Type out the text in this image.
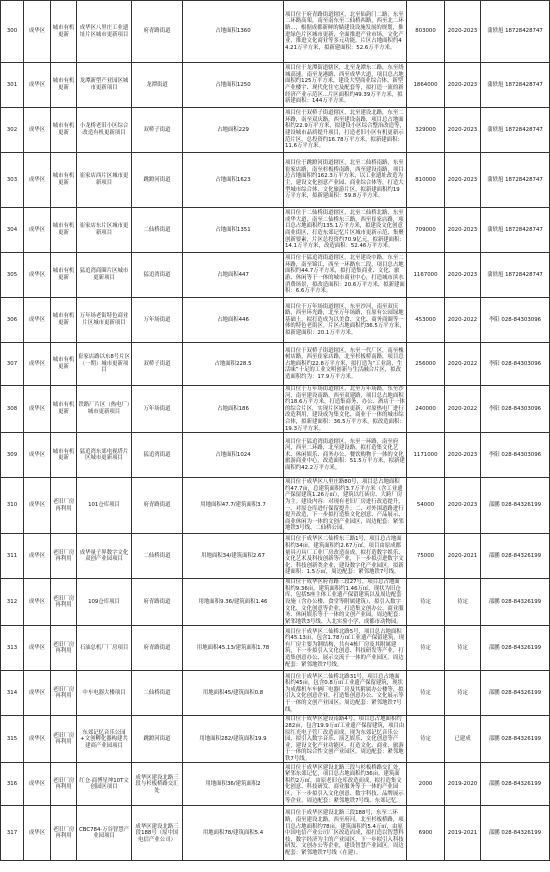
300	成华区	城市有机更新	成华区八里庄工业遗址片区城市更新项目	府青路街道	占地面积1360	项目位于府青路街道辖区，北至仙韵门二路，东至二环路高架，南至南东至二仙桥西路，西至北二环路...，根据成都新鲜的储建设设施发展的规划，推进绿色片区城市更新，全面推进产业市场，文化产业，推进文化商业等多元功能，片区占地面积约44.21万平方米，拟新建面积：52.6万平方米。	803000	2020-2023	蒲轶旭 18728428747
301	成华区	城市有机更新	龙潭新型产业园区城市更新项目	龙潭街道	占地面积1250	项目位于龙潭街道辖区，北至龙潭东二路，东至绕城高速，南至龙港路、西至成华大道，项目总占地面积约125万平方米，建设大型商业综合体、新型产业楼宇、现代化住宅及配套等，拟打造一流的新经济产业示范区...片区面积约49.39万平方米，拟新建面积：144万平方米。	1864000	2020-2023	蒲轶旭 18728428747
302	成华区	城市有机更新	小龙桥老旧小区综合改造有机更新项目	双桥子街道	占地面积229	项目位于双桥子街道辖区，北至建设北路，东至二环路，南至双庆路，西至建设南路，项目总占地面积约22.9万平方米，拟建设小区综合整治改造等，建设城市品质提升项目，打造老旧小区有机更新示范片区，总投资约16.78万平方米，拟新建面积：11.6万平方米。	329000	2020-2023	蒲轶旭 18728428747
303	成华区	城市有机更新	崔家店西片区城市更新项目	跳蹬河街道	占地面积1623	项目位于跳蹬河街道辖区，北至二仙桥南路，东至崔家店路，南至杉板桥南路，西至建设南路，项目总占地面积约162.3万平方米，以工业遗址改造为主，建设文化创意产业园、商业综合体等，打造大型城市综合体、文化旅游片区，拟新建面积约19万平方米，拟新建面积：59.8万平方米。	810000	2020-2023	蒲轶旭 18728428747
304	成华区	城市有机更新	崔家店东片区城市更新项目	二仙桥街道	占地面积1351	项目位于二仙桥街道辖区，北至二仙桥北路，东至成华大道，南至二仙桥东三路，西至崔家店路，项目总占地面积约135.1万平方米，拟建设文化创意商业街区，打造东郊记忆片区城市更新示范，集聚创新要素，片区总投资约70.9亿元，拟新建面积：14.1万平方米，改造面积：52.46万平方米。	709000	2020-2023	蒲轶旭 18728428747
305	成华区	城市有机更新	猛追湾商圈片区城市更新项目	猛追湾街道	占地面积447	项目位于猛追湾街道辖区，北至建设中路，东至二环路，南至锦江，西至一环路东二段，项目总占地面积约44.7万平方米，拟打造集商业、文化、旅游、休闲等于一体的城市商业中心，打造城市滨水消费场景，拟改造面积：20.6万平方米，拟新建面积：6.6万平方米。	1167000	2020-2023	蒲轶旭 18728428747
306	成华区	城市有机更新	万年场老街特色商业片区城市更新项目	万年场街道	占地面积446	项目位于万年场街道辖区，东至沙河，南至双庆路，西至环光路，北至万年场路，在原有公园绿地基础上，拟打造成为以美食、文化、商务商圈等一体的特色老街区。片区占地面积约36.5万平方米，拟新建面积：20.1万平方米。	453000	2020-2022	李阳 028-84303096
307	成华区	城市有机更新	崔家店路以东8号片区（一期）城市更新项目	双桥子街道	占地面积228.5	项目位于双桥子街道辖区，东至一代厂区，南至槐树店路，西至崔家店路，北至杉板桥南路，项目总占地面积约22.8万平方米，拟打造为“工业韵、生活味”十足的工业文明创新与生活融合片区，拟改造面积约为：17.9万平方米。	256000	2020-2022	李阳 028-84303096
308	成华区	城市有机更新	铁路厂片区（热电厂）城市更新项目	万年场街道	占地面积186	项目位于万年场街道辖区，北至万年场路，东至沙河，南至建设南路，西至双建路，项目总占地面积约18.6万平方米，打造集商务、办公、酒店于一体的综合片区，实现片区城市更新，对原热电厂进行改造利用，建设成为集文化、商业于一体的城市综合体，拟新建面积：36.5万平方米，拟改造面积：19.3万平方米。	240000	2020-2022	李阳 028-84303096
309	成华区	城市有机更新	猛追湾东郊电视塔片区城市更新项目	猛追湾街道	占地面积1024	项目位于猛追湾街道辖区，东至一环路，南至府河，西至二环路，北至建设路，拟打造集文化艺术、休闲娱乐、商务办公、餐饮购物于一体的文化旅游商业中心，改造面积：51.5万平方米，拟新建面积约42.2万平方米。	1171000	2020-2023	李阳 028-84303096
310	成华区	老旧厂房再利用	101仓库项目	府青路街道	用地面积47.7/建筑面积3.7	项目位于成华区八里庄路80号，项目总占地面积约47.7亩，总建筑面积约3.7万平方米（含工业遗产保留建筑1.26万㎡），建筑以红砖房、大跨厂房为主。建设内容：对现有老旧厂房进行改造提升，一、对原仓库进行保留提升；二、对外围道路进行提升改造，下一步拟打造集文化创意、产品展示、商业休闲为一体的文创产业园区，周边配套：紧邻地铁3号线、二仙桥公园。	54000	2020-2023	邵鹏 028-84326199
311	成华区	老旧厂房再利用	成华量子界数字文化双创产业园项目	二仙桥街道	用地面积34/建筑面积2.67	项目位于成华区二仙桥东三路1号，项目总占地面积约34亩，建筑面积约2.67万㎡，项目由原成都量具刃具厂工业厂房改造而成，拟打造数字娱乐、文化艺术及科技创新等产业，下一步拟引进数字文化、科技创新类企业，建设数字化产业园区。拟新建面积：1.5万㎡，周边配套：紧邻地铁7号线。	75000	2020-2021	邵鹏 028-84326199
312	成华区	老旧厂房再利用	109仓库项目	府青路街道	用地面积9.36/建筑面积1.46	项目位于成华区府青路三段27号，项目总占地面积约9.36亩，建筑面积约1.46万㎡，现状为旧仓库，包括5座主体工业遗产保留建筑以及周边配套设施（含办公楼、食堂等附属建筑），拟引入数字文化、文化创意等企业，打造集文创办公、商业服务、休闲娱乐等于一体的文创产业园。周边配套：紧邻地铁3号线、人北实验小学、成都市动物园。	待定	待定	邵鹏 028-84326199
313	成华区	老旧厂房再利用	石油总机厂厂房项目	府青路街道	用地面积45.13/建筑面积1.78	项目位于成华区二仙桥北路5号，项目总占地面积约45.13亩，包含1.78万㎡工业遗产保留建筑，现有厂房主要为钢结构，共有4栋厂房及其附属建筑，下一步拟引入文化创意、科技研发等产业，打造集创意办公、展示交流于一体的产业园区。周边配套：紧邻地铁7号线。	待定	待定	邵鹏 028-84326199
314	成华区	老旧厂房再利用	中车电器大楼项目	二仙桥街道	用地面积45/建筑面积0.8	项目位于成华区二仙桥北路31号，项目总占地面积约45亩，包含0.8万㎡工业遗产保留建筑，现状为成都机车车辆厂电器厂房及其附属办公楼等，拟引入文化创意企业，打造集创意办公、文化展示等于一体的文创产业园区。周边配套：紧邻地铁7号线。	待定	待定	邵鹏 028-84326199
315	成华区	老旧厂房再利用	东郊记忆音乐公园+文创孵化器构建共建商产业园项目	跳蹬河街道	用地面积282/建筑面积19.9	项目位于成华区建设南路4号，项目总占地面积约282亩，包含19.9万㎡工业遗产保留建筑，项目由原红光电子管厂改造而成，现为东郊记忆音乐公园，拟引入数字音乐、演艺娱乐、文化创意等产业，建设文化产业功能区，打造文化、商业、旅游于一体的综合性文创产业园区。周边配套：紧邻地铁7号线。	待定	已建成	邵鹏 028-84326199
316	成华区	老旧厂房再利用	红仓·商博星坤10T文创园区项目	成华区建设北路三段与杉板桥路交汇处	用地面积36/建筑面积2	项目位于成华区建设北路三段与杉板桥路交汇处，紧邻东郊记忆，项目总占地面积约36亩，建筑面积约2万㎡，由原老旧仓库改造而成，拟打造集文化创意、科技研发、商业服务等于一体的产业园区，下一步拟引入文化创意、数字科技、品牌展示等企业。周边配套：紧邻地铁7号线、东郊记忆。	2000	2019-2020	邵鹏 028-84326199
317	成华区	老旧厂房再利用	CBC784·万谷智慧产业园项目	成华区建设北路三段188号（原中国电信产业公司）	用地面积78/建筑面积5.4	项目位于成华区建设北路三段188号，东至二环路，南至建设北路，西至府河，北至杉板桥路，项目总占地面积约78亩，建筑面积约5.4万㎡，由原中国电信产业公司厂区改造而成，拟打造以智慧科技、数字经济为主的产业园区，下一步拟引入科技研发、文创办公等企业，建设智慧产业园区。周边配套：紧邻地铁7号线（在建）。	6900	2019-2021	邵鹏 028-84326199
